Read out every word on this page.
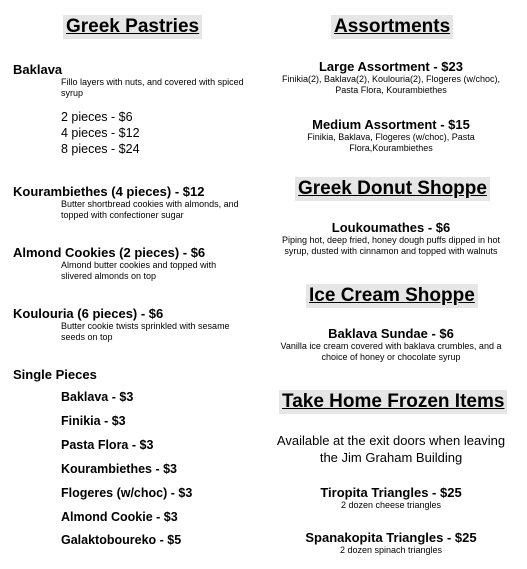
Greek Pastries
Baklava
Fillo layers with nuts, and covered with spiced syrup
2 pieces - $6
4 pieces - $12
8 pieces - $24
Kourambiethes (4 pieces) - $12
Butter shortbread cookies with almonds, and topped with confectioner sugar
Almond Cookies (2 pieces) - $6
Almond butter cookies and topped with slivered almonds on top
Koulouria (6 pieces) - $6
Butter cookie twists sprinkled with sesame seeds on top
Single Pieces
Baklava - $3
Finikia - $3
Pasta Flora - $3
Kourambiethes - $3
Flogeres (w/choc) - $3
Almond Cookie - $3
Galaktoboureko - $5
Assortments
Large Assortment - $23
Finikia(2), Baklava(2), Koulouria(2), Flogeres (w/choc), Pasta Flora, Kourambiethes
Medium Assortment - $15
Finikia, Baklava, Flogeres (w/choc), Pasta Flora,Kourambiethes
Greek Donut Shoppe
Loukoumathes - $6
Piping hot, deep fried, honey dough puffs dipped in hot syrup, dusted with cinnamon and topped with walnuts
Ice Cream Shoppe
Baklava Sundae - $6
Vanilla ice cream covered with baklava crumbles, and a choice of honey or chocolate syrup
Take Home Frozen Items
Available at the exit doors when leaving the Jim Graham Building
Tiropita Triangles - $25
2 dozen cheese triangles
Spanakopita Triangles - $25
2 dozen spinach triangles
